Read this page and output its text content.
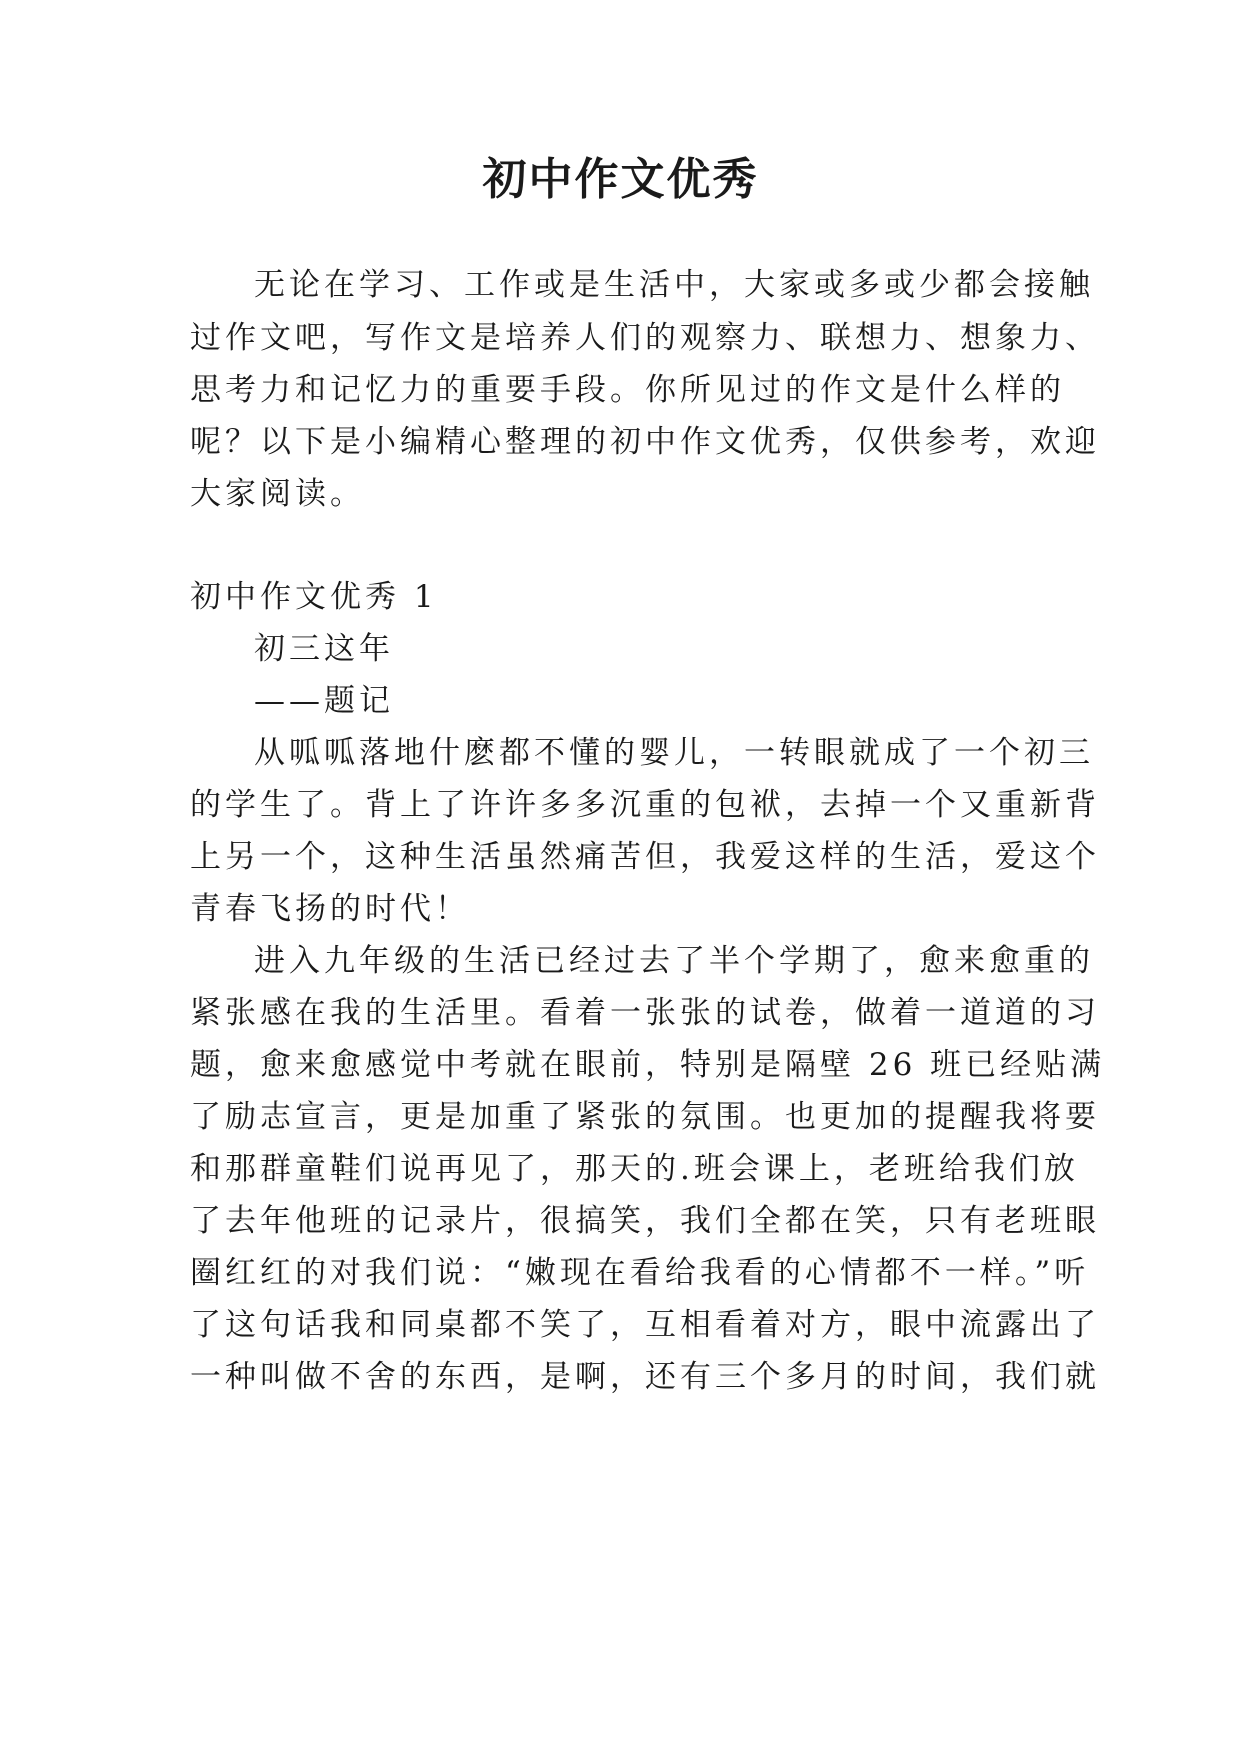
初中作文优秀
无论在学习、工作或是生活中，大家或多或少都会接触
过作文吧，写作文是培养人们的观察力、联想力、想象力、
思考力和记忆力的重要手段。你所见过的作文是什么样的
呢？以下是小编精心整理的初中作文优秀，仅供参考，欢迎
大家阅读。
初中作文优秀 1
初三这年
——题记
从呱呱落地什麽都不懂的婴儿，一转眼就成了一个初三
的学生了。背上了许许多多沉重的包袱，去掉一个又重新背
上另一个，这种生活虽然痛苦但，我爱这样的生活，爱这个
青春飞扬的时代！
进入九年级的生活已经过去了半个学期了，愈来愈重的
紧张感在我的生活里。看着一张张的试卷，做着一道道的习
题，愈来愈感觉中考就在眼前，特别是隔壁 26 班已经贴满
了励志宣言，更是加重了紧张的氛围。也更加的提醒我将要
和那群童鞋们说再见了，那天的.班会课上，老班给我们放
了去年他班的记录片，很搞笑，我们全都在笑，只有老班眼
圈红红的对我们说：“嫩现在看给我看的心情都不一样。”听
了这句话我和同桌都不笑了，互相看着对方，眼中流露出了
一种叫做不舍的东西，是啊，还有三个多月的时间，我们就
